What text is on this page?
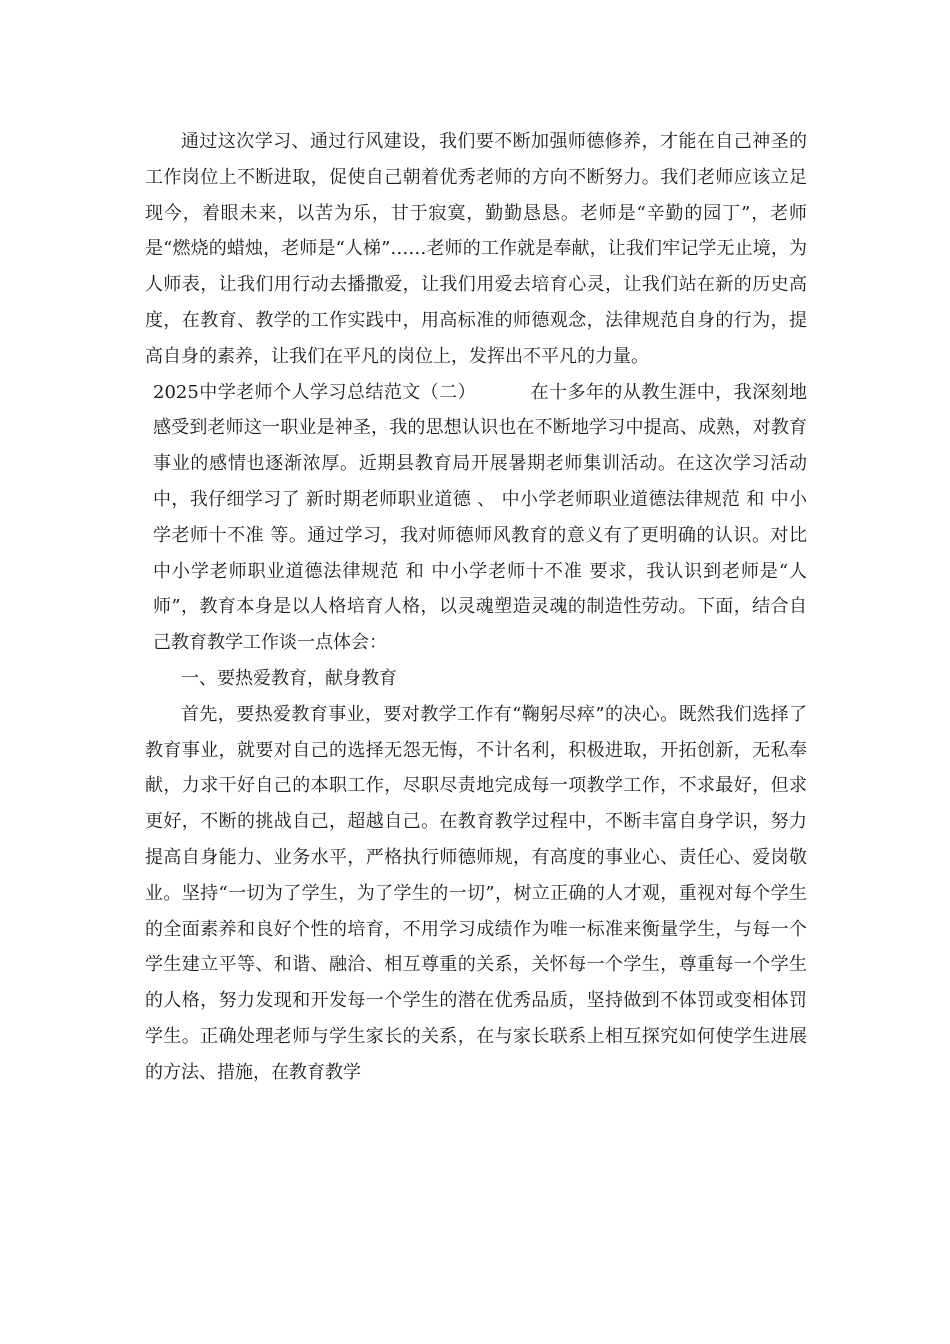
通过这次学习、通过行风建设，我们要不断加强师德修养，才能在自己神圣的工作岗位上不断进取，促使自己朝着优秀老师的方向不断努力。我们老师应该立足现今，着眼未来，以苦为乐，甘于寂寞，勤勤恳恳。老师是“辛勤的园丁”，老师是“燃烧的蜡烛，老师是“人梯”……老师的工作就是奉献，让我们牢记学无止境，为人师表，让我们用行动去播撒爱，让我们用爱去培育心灵，让我们站在新的历史高度，在教育、教学的工作实践中，用高标准的师德观念，法律规范自身的行为，提高自身的素养，让我们在平凡的岗位上，发挥出不平凡的力量。

2025中学老师个人学习总结范文（二）	在十多年的从教生涯中，我深刻地感受到老师这一职业是神圣，我的思想认识也在不断地学习中提高、成熟，对教育事业的感情也逐渐浓厚。近期县教育局开展暑期老师集训活动。在这次学习活动中，我仔细学习了 新时期老师职业道德 、 中小学老师职业道德法律规范 和 中小学老师十不准 等。通过学习，我对师德师风教育的意义有了更明确的认识。对比 中小学老师职业道德法律规范 和 中小学老师十不准 要求，我认识到老师是“人师”，教育本身是以人格培育人格，以灵魂塑造灵魂的制造性劳动。下面，结合自己教育教学工作谈一点体会：

一、要热爱教育，献身教育

首先，要热爱教育事业，要对教学工作有“鞠躬尽瘁”的决心。既然我们选择了教育事业，就要对自己的选择无怨无悔，不计名利，积极进取，开拓创新，无私奉献，力求干好自己的本职工作，尽职尽责地完成每一项教学工作，不求最好，但求更好，不断的挑战自己，超越自己。在教育教学过程中，不断丰富自身学识，努力提高自身能力、业务水平，严格执行师德师规，有高度的事业心、责任心、爱岗敬业。坚持“一切为了学生，为了学生的一切”，树立正确的人才观，重视对每个学生的全面素养和良好个性的培育，不用学习成绩作为唯一标准来衡量学生，与每一个学生建立平等、和谐、融洽、相互尊重的关系，关怀每一个学生，尊重每一个学生的人格，努力发现和开发每一个学生的潜在优秀品质，坚持做到不体罚或变相体罚学生。正确处理老师与学生家长的关系，在与家长联系上相互探究如何使学生进展的方法、措施，在教育教学
